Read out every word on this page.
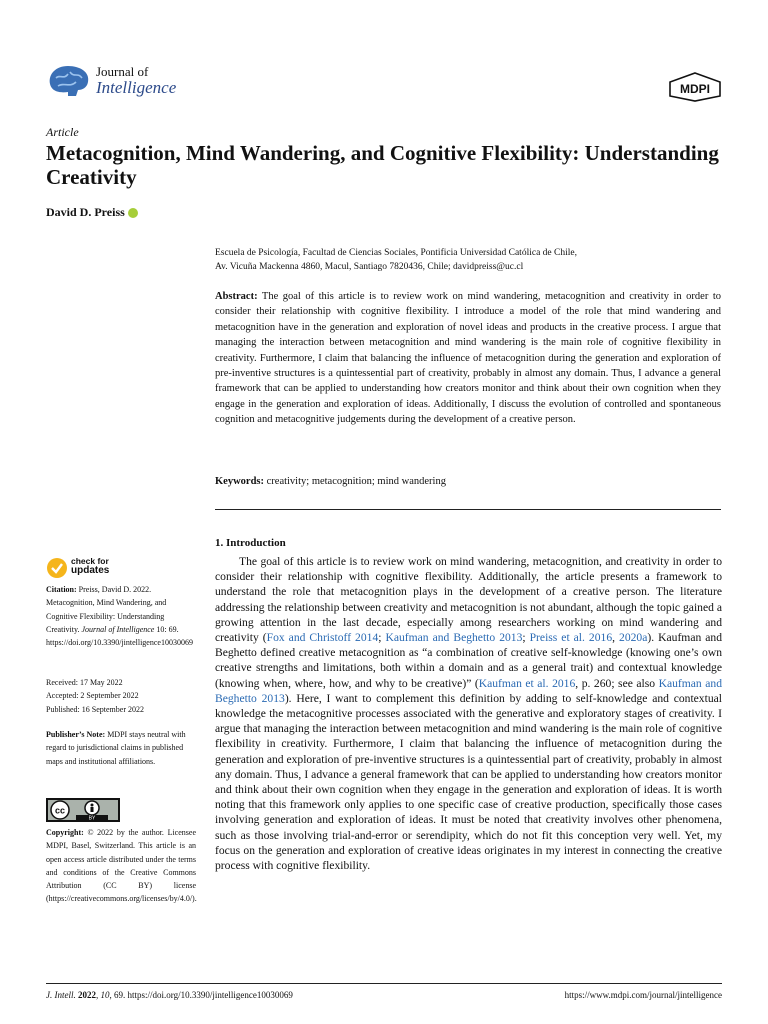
Journal of
Intelligence	MDPI
Article
Metacognition, Mind Wandering, and Cognitive Flexibility: Understanding Creativity
David D. Preiss
Escuela de Psicología, Facultad de Ciencias Sociales, Pontificia Universidad Católica de Chile,
Av. Vicuña Mackenna 4860, Macul, Santiago 7820436, Chile; davidpreiss@uc.cl
Abstract: The goal of this article is to review work on mind wandering, metacognition and creativity in order to consider their relationship with cognitive flexibility. I introduce a model of the role that mind wandering and metacognition have in the generation and exploration of novel ideas and products in the creative process. I argue that managing the interaction between metacognition and mind wandering is the main role of cognitive flexibility in creativity. Furthermore, I claim that balancing the influence of metacognition during the generation and exploration of pre-inventive structures is a quintessential part of creativity, probably in almost any domain. Thus, I advance a general framework that can be applied to understanding how creators monitor and think about their own cognition when they engage in the generation and exploration of ideas. Additionally, I discuss the evolution of controlled and spontaneous cognition and metacognitive judgements during the development of a creative person.
Keywords: creativity; metacognition; mind wandering
1. Introduction

The goal of this article is to review work on mind wandering, metacognition, and creativity in order to consider their relationship with cognitive flexibility. Additionally, the article presents a framework to understand the role that metacognition plays in the development of a creative person. The literature addressing the relationship between creativity and metacognition is not abundant, although the topic gained a growing attention in the last decade, especially among researchers working on mind wandering and creativity (Fox and Christoff 2014; Kaufman and Beghetto 2013; Preiss et al. 2016, 2020a). Kaufman and Beghetto defined creative metacognition as “a combination of creative self-knowledge (knowing one’s own creative strengths and limitations, both within a domain and as a general trait) and contextual knowledge (knowing when, where, how, and why to be creative)” (Kaufman et al. 2016, p. 260; see also Kaufman and Beghetto 2013). Here, I want to complement this definition by adding to self-knowledge and contextual knowledge the metacognitive processes associated with the generative and exploratory stages of creativity. I argue that managing the interaction between metacognition and mind wandering is the main role of cognitive flexibility in creativity. Furthermore, I claim that balancing the influence of metacognition during the generation and exploration of pre-inventive structures is a quintessential part of creativity, probably in almost any domain. Thus, I advance a general framework that can be applied to understanding how creators monitor and think about their own cognition when they engage in the generation and exploration of ideas. It is worth noting that this framework only applies to one specific case of creative production, specifically those cases involving generation and exploration of ideas. It must be noted that creativity involves other phenomena, such as those involving trial-and-error or serendipity, which do not fit this conception very well. Yet, my focus on the generation and exploration of creative ideas originates in my interest in connecting the creative process with cognitive flexibility.

check for
updates
Citation: Preiss, David D. 2022. Metacognition, Mind Wandering, and Cognitive Flexibility: Understanding Creativity. Journal of Intelligence 10: 69. https://doi.org/10.3390/jintelligence10030069
Received: 17 May 2022
Accepted: 2 September 2022
Published: 16 September 2022
Publisher’s Note: MDPI stays neutral with regard to jurisdictional claims in published maps and institutional affiliations.
cc
BY
Copyright: © 2022 by the author. Licensee MDPI, Basel, Switzerland. This article is an open access article distributed under the terms and conditions of the Creative Commons Attribution (CC BY) license (https://creativecommons.org/licenses/by/4.0/).
J. Intell. 2022, 10, 69. https://doi.org/10.3390/jintelligence10030069	https://www.mdpi.com/journal/jintelligence
